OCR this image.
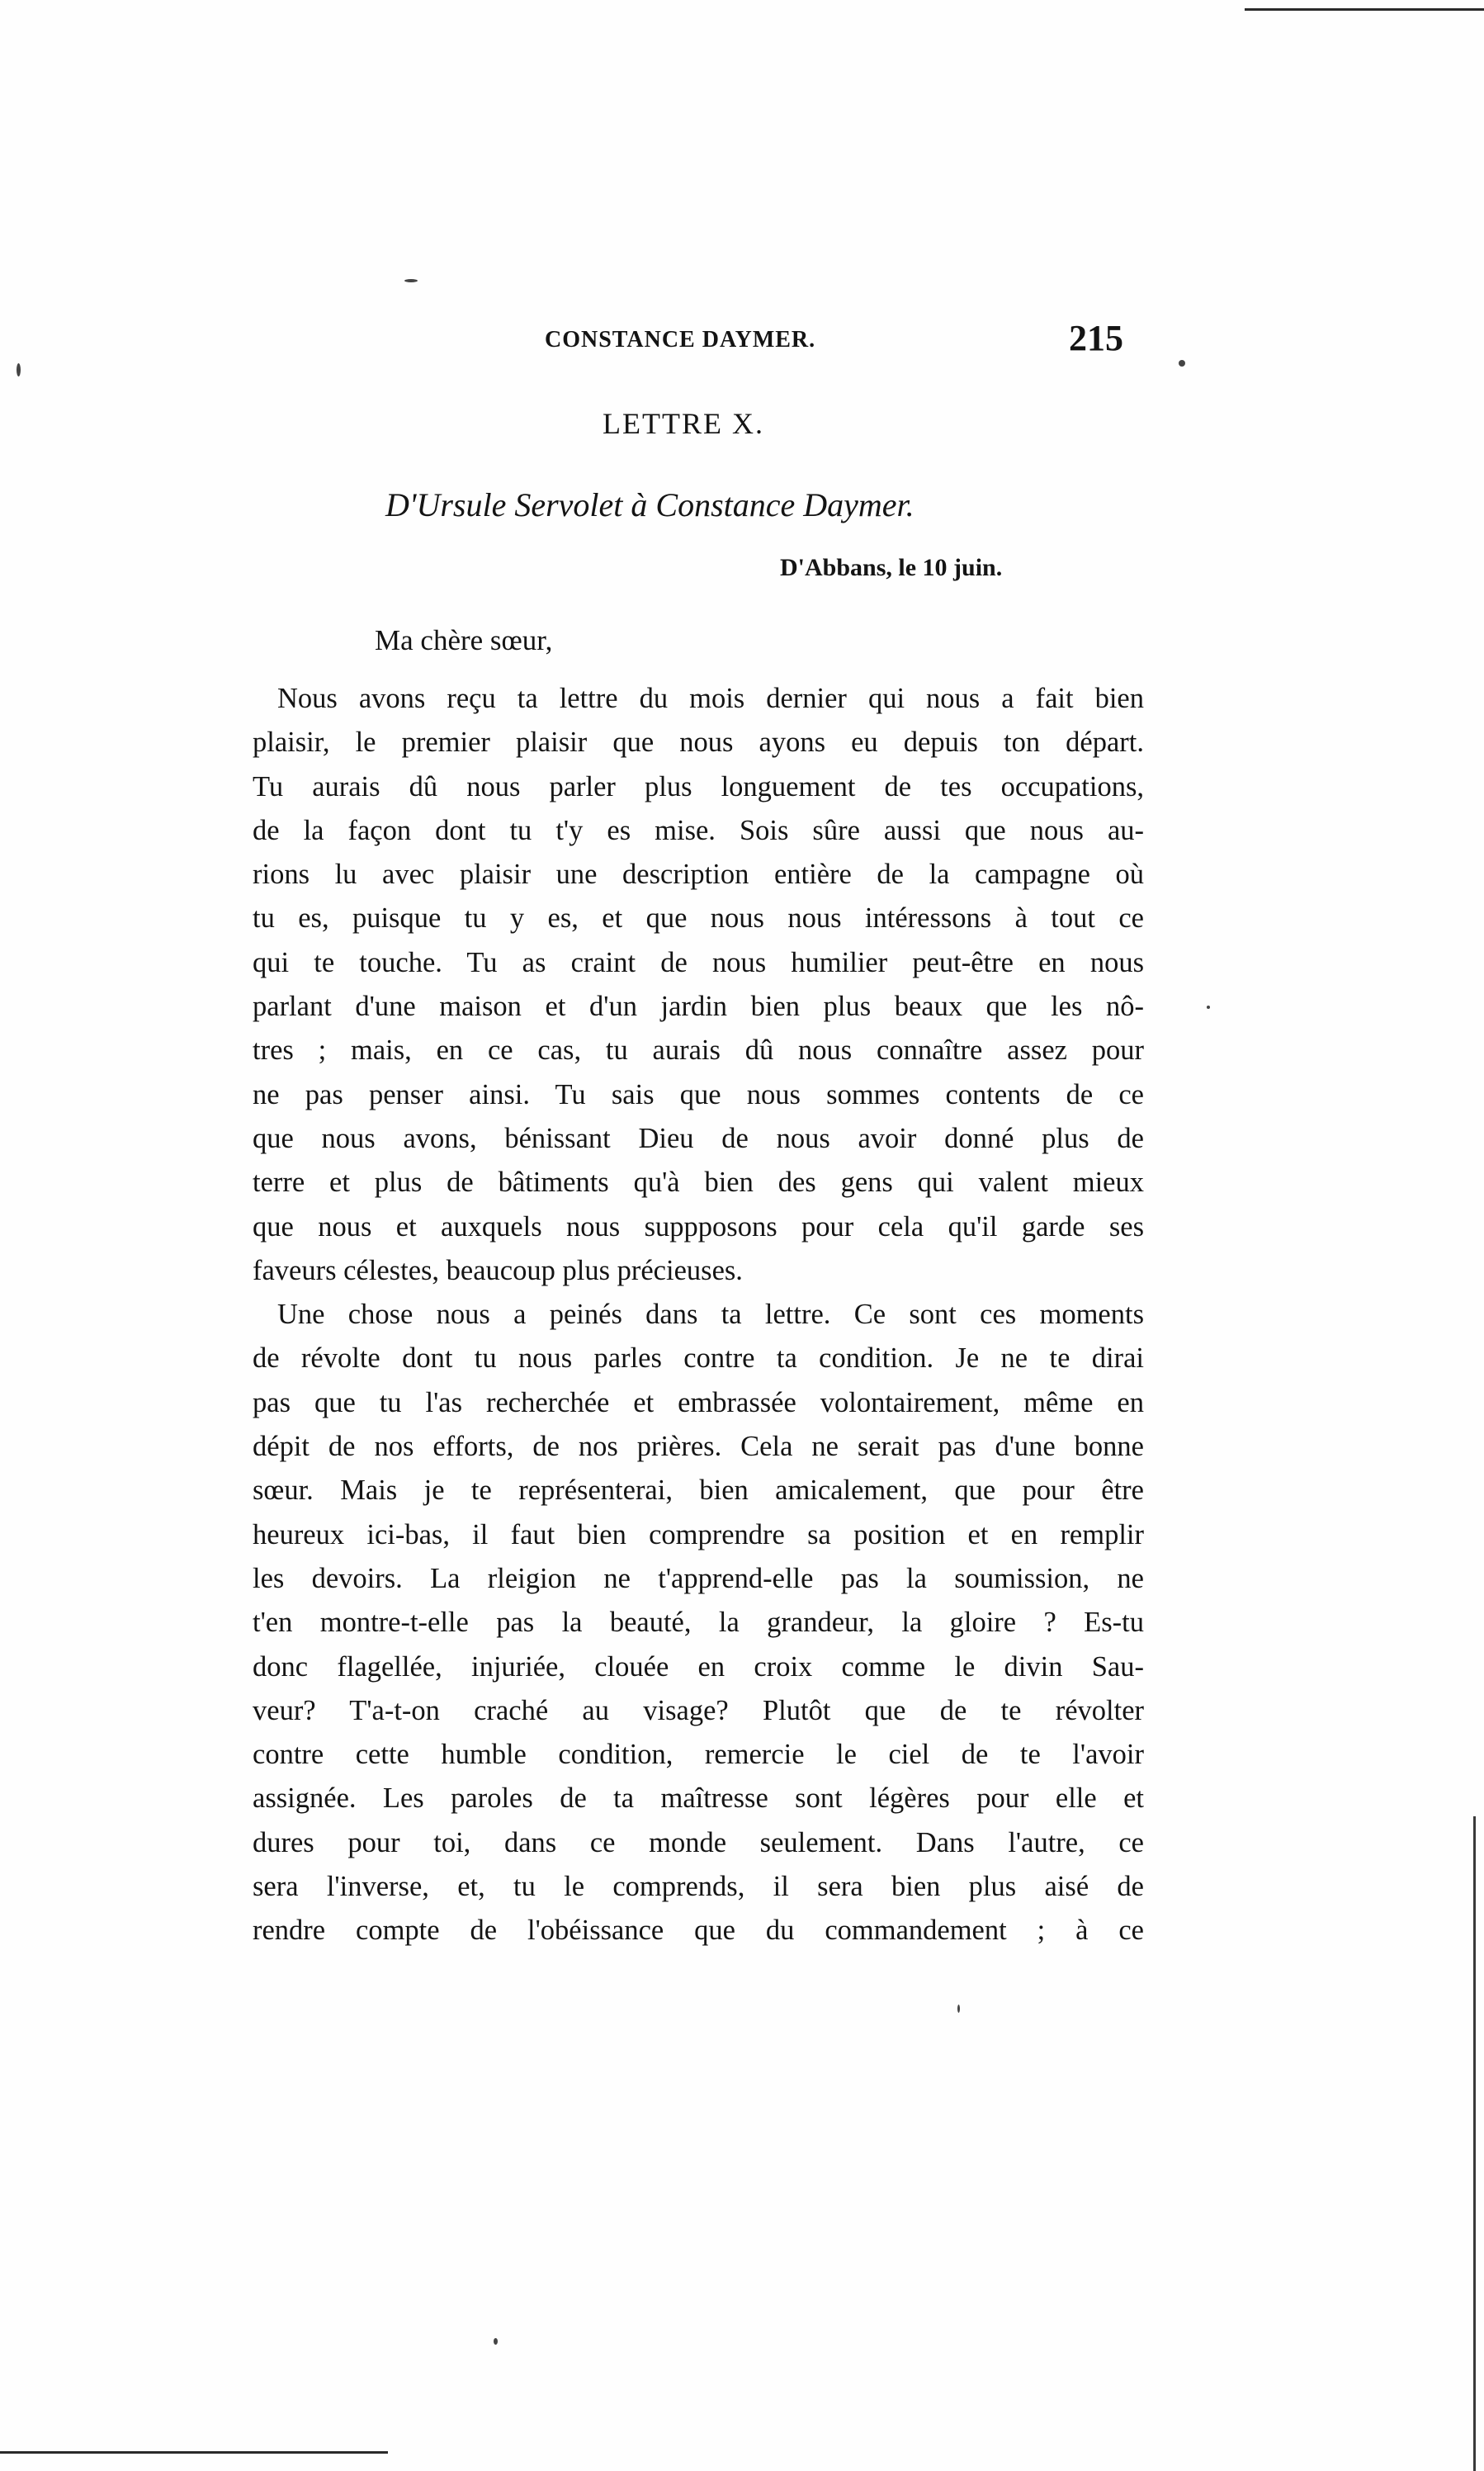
CONSTANCE DAYMER.	215
LETTRE X.
D'Ursule Servolet à Constance Daymer.
D'Abbans, le 10 juin.
Ma chère sœur,
Nous avons reçu ta lettre du mois dernier qui nous a fait bien
plaisir, le premier plaisir que nous ayons eu depuis ton départ.
Tu aurais dû nous parler plus longuement de tes occupations,
de la façon dont tu t'y es mise. Sois sûre aussi que nous au-
rions lu avec plaisir une description entière de la campagne où
tu es, puisque tu y es, et que nous nous intéressons à tout ce
qui te touche. Tu as craint de nous humilier peut-être en nous
parlant d'une maison et d'un jardin bien plus beaux que les nô-
tres ; mais, en ce cas, tu aurais dû nous connaître assez pour
ne pas penser ainsi. Tu sais que nous sommes contents de ce
que nous avons, bénissant Dieu de nous avoir donné plus de
terre et plus de bâtiments qu'à bien des gens qui valent mieux
que nous et auxquels nous suppposons pour cela qu'il garde ses
faveurs célestes, beaucoup plus précieuses.
Une chose nous a peinés dans ta lettre. Ce sont ces moments
de révolte dont tu nous parles contre ta condition. Je ne te dirai
pas que tu l'as recherchée et embrassée volontairement, même en
dépit de nos efforts, de nos prières. Cela ne serait pas d'une bonne
sœur. Mais je te représenterai, bien amicalement, que pour être
heureux ici-bas, il faut bien comprendre sa position et en remplir
les devoirs. La rleigion ne t'apprend-elle pas la soumission, ne
t'en montre-t-elle pas la beauté, la grandeur, la gloire ? Es-tu
donc flagellée, injuriée, clouée en croix comme le divin Sau-
veur? T'a-t-on craché au visage? Plutôt que de te révolter
contre cette humble condition, remercie le ciel de te l'avoir
assignée. Les paroles de ta maîtresse sont légères pour elle et
dures pour toi, dans ce monde seulement. Dans l'autre, ce
sera l'inverse, et, tu le comprends, il sera bien plus aisé de
rendre compte de l'obéissance que du commandement ; à ce
